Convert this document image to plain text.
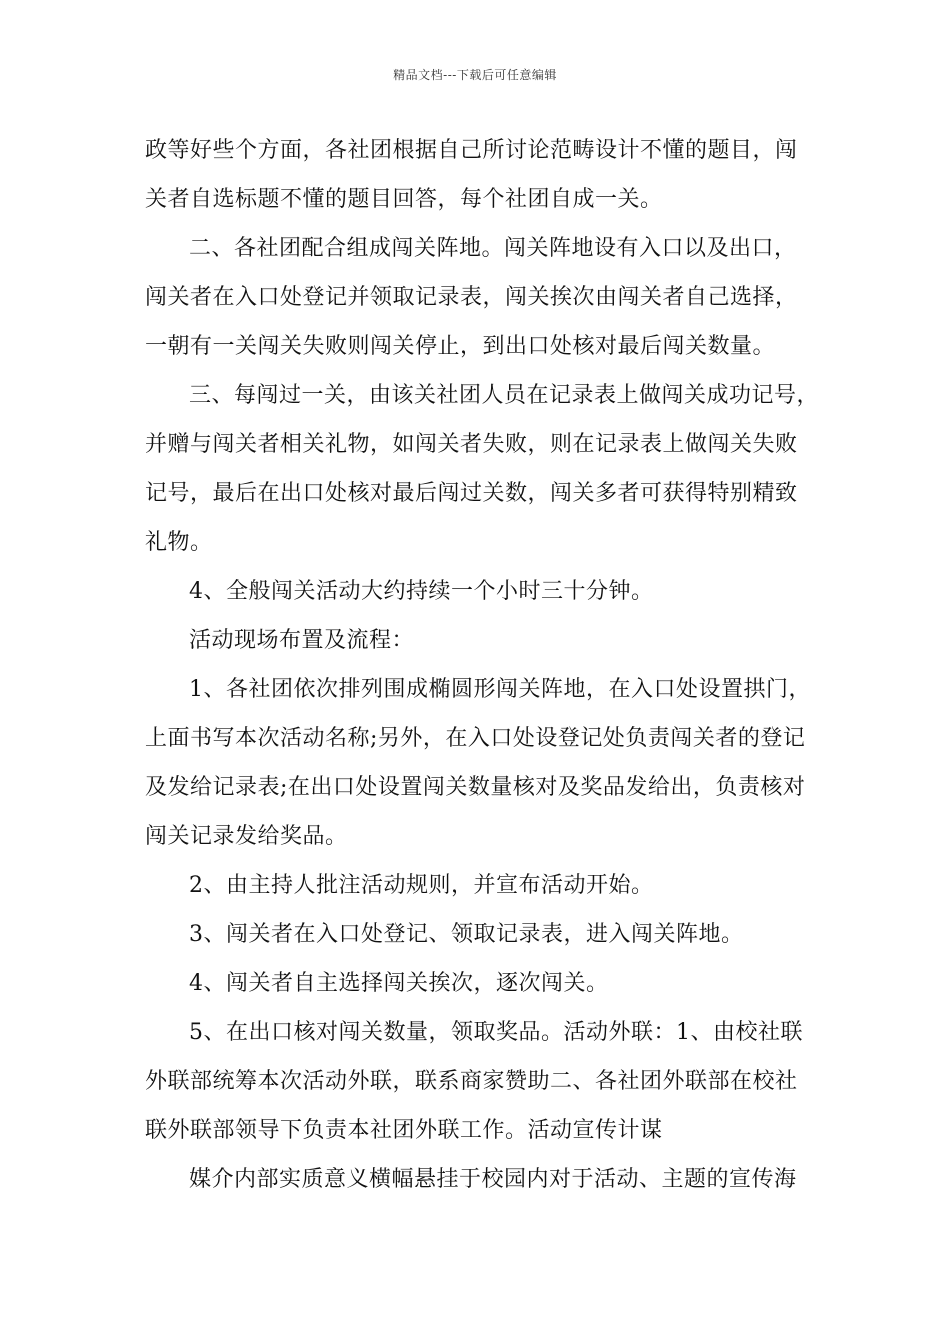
精品文档---下载后可任意编辑

政等好些个方面，各社团根据自己所讨论范畴设计不懂的题目，闯

关者自选标题不懂的题目回答，每个社团自成一关。

二、各社团配合组成闯关阵地。闯关阵地设有入口以及出口，

闯关者在入口处登记并领取记录表，闯关挨次由闯关者自己选择，

一朝有一关闯关失败则闯关停止，到出口处核对最后闯关数量。

三、每闯过一关，由该关社团人员在记录表上做闯关成功记号，

并赠与闯关者相关礼物，如闯关者失败，则在记录表上做闯关失败

记号，最后在出口处核对最后闯过关数，闯关多者可获得特别精致

礼物。

4、全般闯关活动大约持续一个小时三十分钟。

活动现场布置及流程：

1、各社团依次排列围成椭圆形闯关阵地，在入口处设置拱门，

上面书写本次活动名称;另外，在入口处设登记处负责闯关者的登记

及发给记录表;在出口处设置闯关数量核对及奖品发给出，负责核对

闯关记录发给奖品。

2、由主持人批注活动规则，并宣布活动开始。

3、闯关者在入口处登记、领取记录表，进入闯关阵地。

4、闯关者自主选择闯关挨次，逐次闯关。

5、在出口核对闯关数量，领取奖品。活动外联：1、由校社联

外联部统筹本次活动外联，联系商家赞助二、各社团外联部在校社

联外联部领导下负责本社团外联工作。活动宣传计谋

媒介内部实质意义横幅悬挂于校园内对于活动、主题的宣传海
